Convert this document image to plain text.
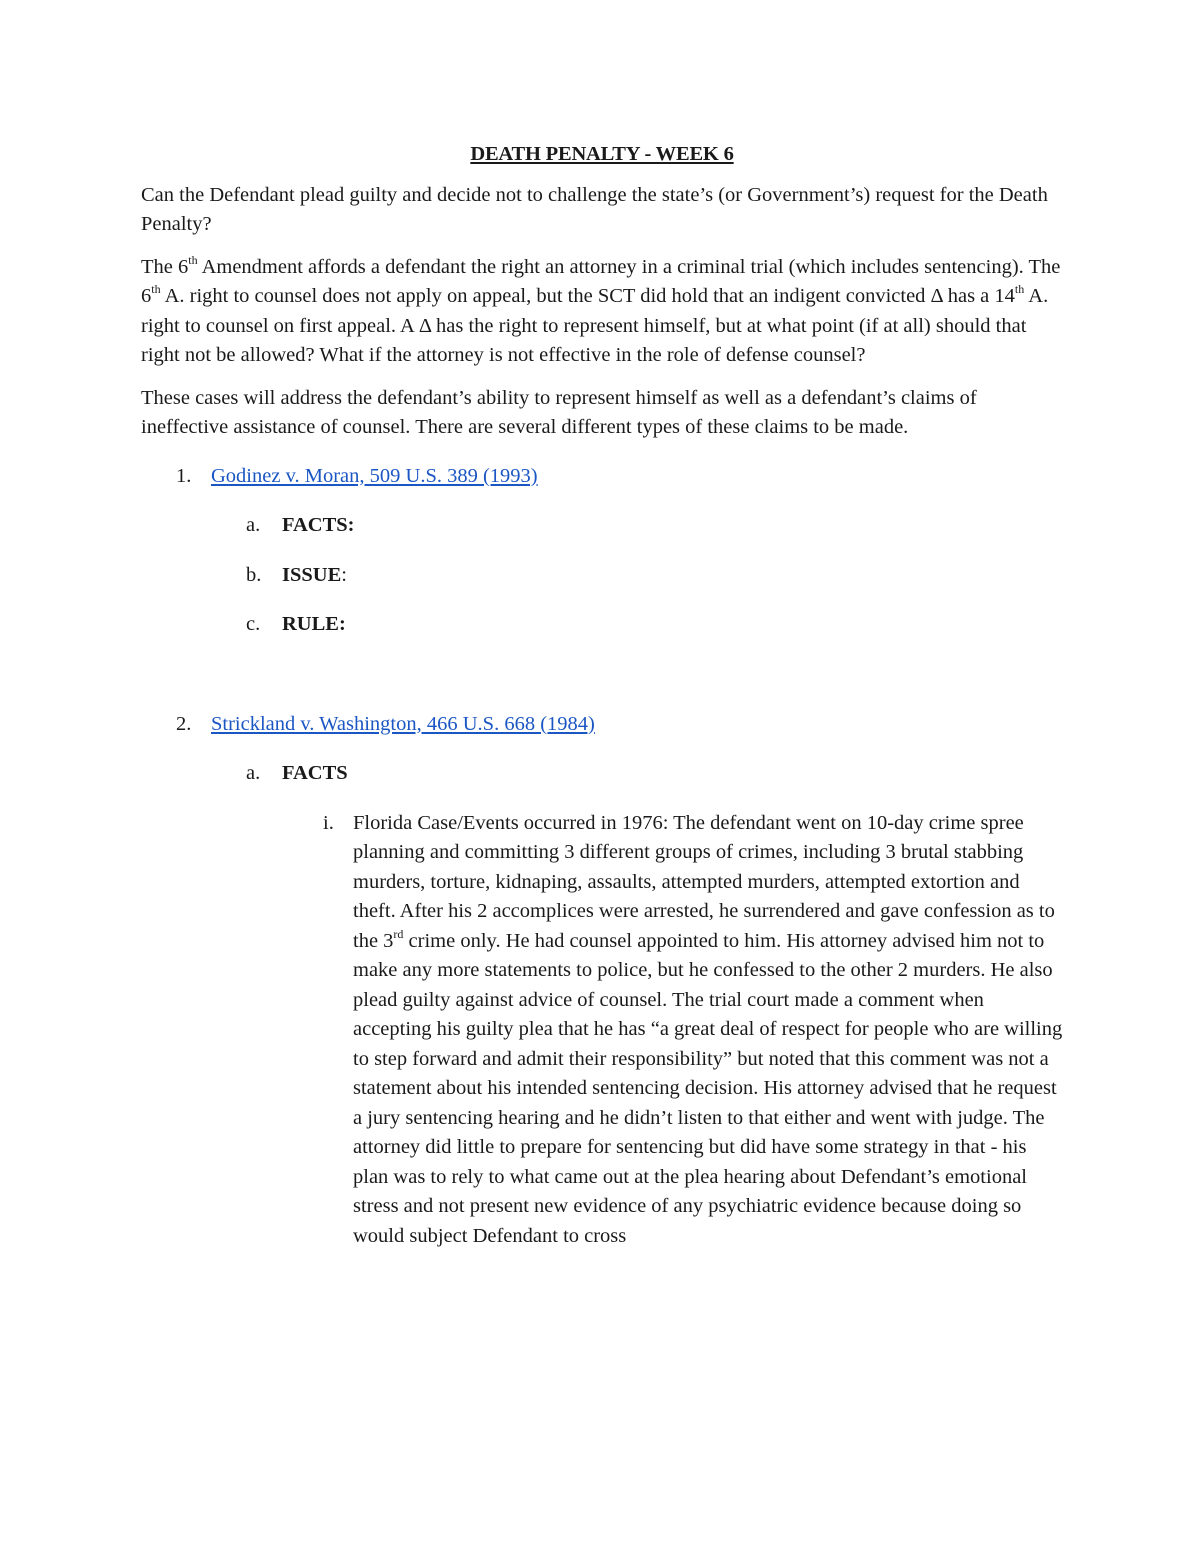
DEATH PENALTY - WEEK 6

Can the Defendant plead guilty and decide not to challenge the state’s (or Government’s) request for the Death Penalty?

The 6th Amendment affords a defendant the right an attorney in a criminal trial (which includes sentencing). The 6th A. right to counsel does not apply on appeal, but the SCT did hold that an indigent convicted Δ has a 14th A. right to counsel on first appeal. A Δ has the right to represent himself, but at what point (if at all) should that right not be allowed? What if the attorney is not effective in the role of defense counsel?

These cases will address the defendant’s ability to represent himself as well as a defendant’s claims of ineffective assistance of counsel. There are several different types of these claims to be made.

1. Godinez v. Moran, 509 U.S. 389 (1993)
a.	FACTS:
b.	ISSUE:
c.	RULE:
2. Strickland v. Washington, 466 U.S. 668 (1984)
a.	FACTS
i. Florida Case/Events occurred in 1976: The defendant went on 10-day crime spree planning and committing 3 different groups of crimes, including 3 brutal stabbing murders, torture, kidnaping, assaults, attempted murders, attempted extortion and theft. After his 2 accomplices were arrested, he surrendered and gave confession as to the 3rd crime only. He had counsel appointed to him. His attorney advised him not to make any more statements to police, but he confessed to the other 2 murders. He also plead guilty against advice of counsel. The trial court made a comment when accepting his guilty plea that he has “a great deal of respect for people who are willing to step forward and admit their responsibility” but noted that this comment was not a statement about his intended sentencing decision. His attorney advised that he request a jury sentencing hearing and he didn’t listen to that either and went with judge. The attorney did little to prepare for sentencing but did have some strategy in that - his plan was to rely to what came out at the plea hearing about Defendant’s emotional stress and not present new evidence of any psychiatric evidence because doing so would subject Defendant to cross
